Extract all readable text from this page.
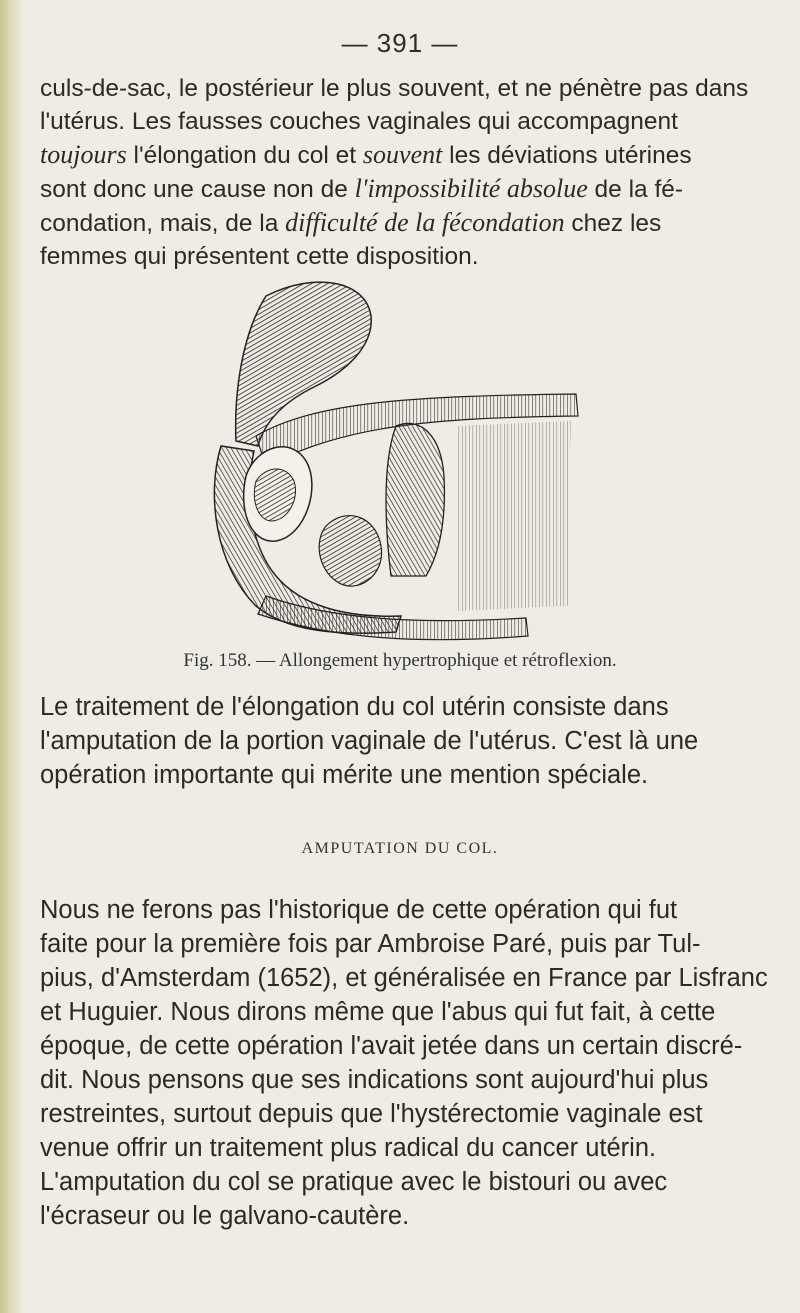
— 391 —
culs-de-sac, le postérieur le plus souvent, et ne pénètre pas dans
l'utérus. Les fausses couches vaginales qui accompagnent
toujours l'élongation du col et souvent les déviations utérines
sont donc une cause non de l'impossibilité absolue de la fé-
condation, mais, de la difficulté de la fécondation chez les
femmes qui présentent cette disposition.
Fig. 158. — Allongement hypertrophique et rétroflexion.
Le traitement de l'élongation du col utérin consiste dans
l'amputation de la portion vaginale de l'utérus. C'est là une
opération importante qui mérite une mention spéciale.
AMPUTATION DU COL.
Nous ne ferons pas l'historique de cette opération qui fut
faite pour la première fois par Ambroise Paré, puis par Tul-
pius, d'Amsterdam (1652), et généralisée en France par Lisfranc
et Huguier. Nous dirons même que l'abus qui fut fait, à cette
époque, de cette opération l'avait jetée dans un certain discré-
dit. Nous pensons que ses indications sont aujourd'hui plus
restreintes, surtout depuis que l'hystérectomie vaginale est
venue offrir un traitement plus radical du cancer utérin.
L'amputation du col se pratique avec le bistouri ou avec
l'écraseur ou le galvano-cautère.
